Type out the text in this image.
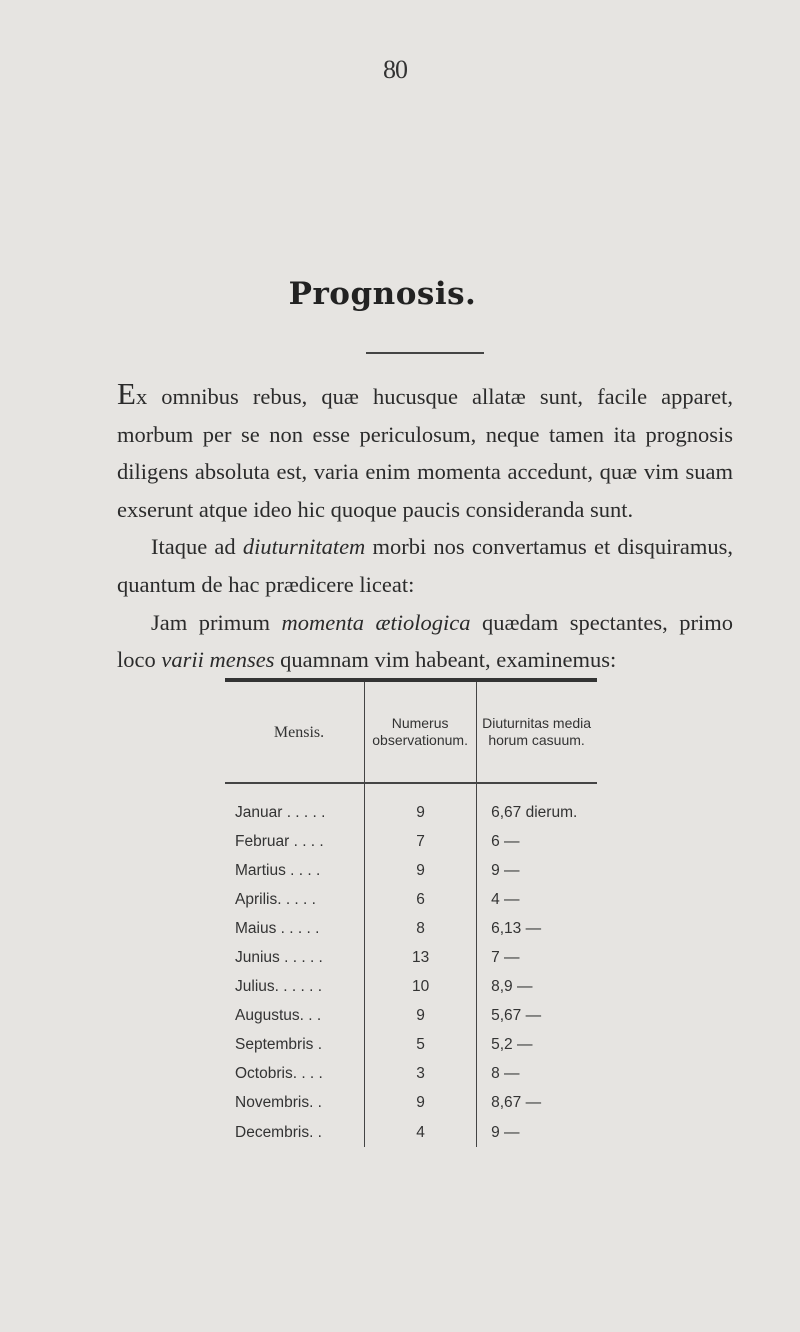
80
Prognosis.

Ex omnibus rebus, quæ hucusque allatæ sunt, facile apparet, morbum per se non esse periculosum, neque tamen ita prognosis diligens absoluta est, varia enim momenta accedunt, quæ vim suam exserunt atque ideo hic quoque paucis consideranda sunt.

Itaque ad diuturnitatem morbi nos convertamus et disquiramus, quantum de hac prædicere liceat:

Jam primum momenta ætiologica quædam spectantes, primo loco varii menses quamnam vim habeant, examinemus:

Mensis.	Numerus observationum.	Diuturnitas media horum casuum.
Januar . . . . .	9	6,67 dierum.
Februar . . . .	7	6 —
Martius . . . .	9	9 —
Aprilis. . . . .	6	4 —
Maius . . . . .	8	6,13 —
Junius . . . . .	13	7 —
Julius. . . . . .	10	8,9 —
Augustus. . .	9	5,67 —
Septembris .	5	5,2 —
Octobris. . . .	3	8 —
Novembris. .	9	8,67 —
Decembris. .	4	9 —
